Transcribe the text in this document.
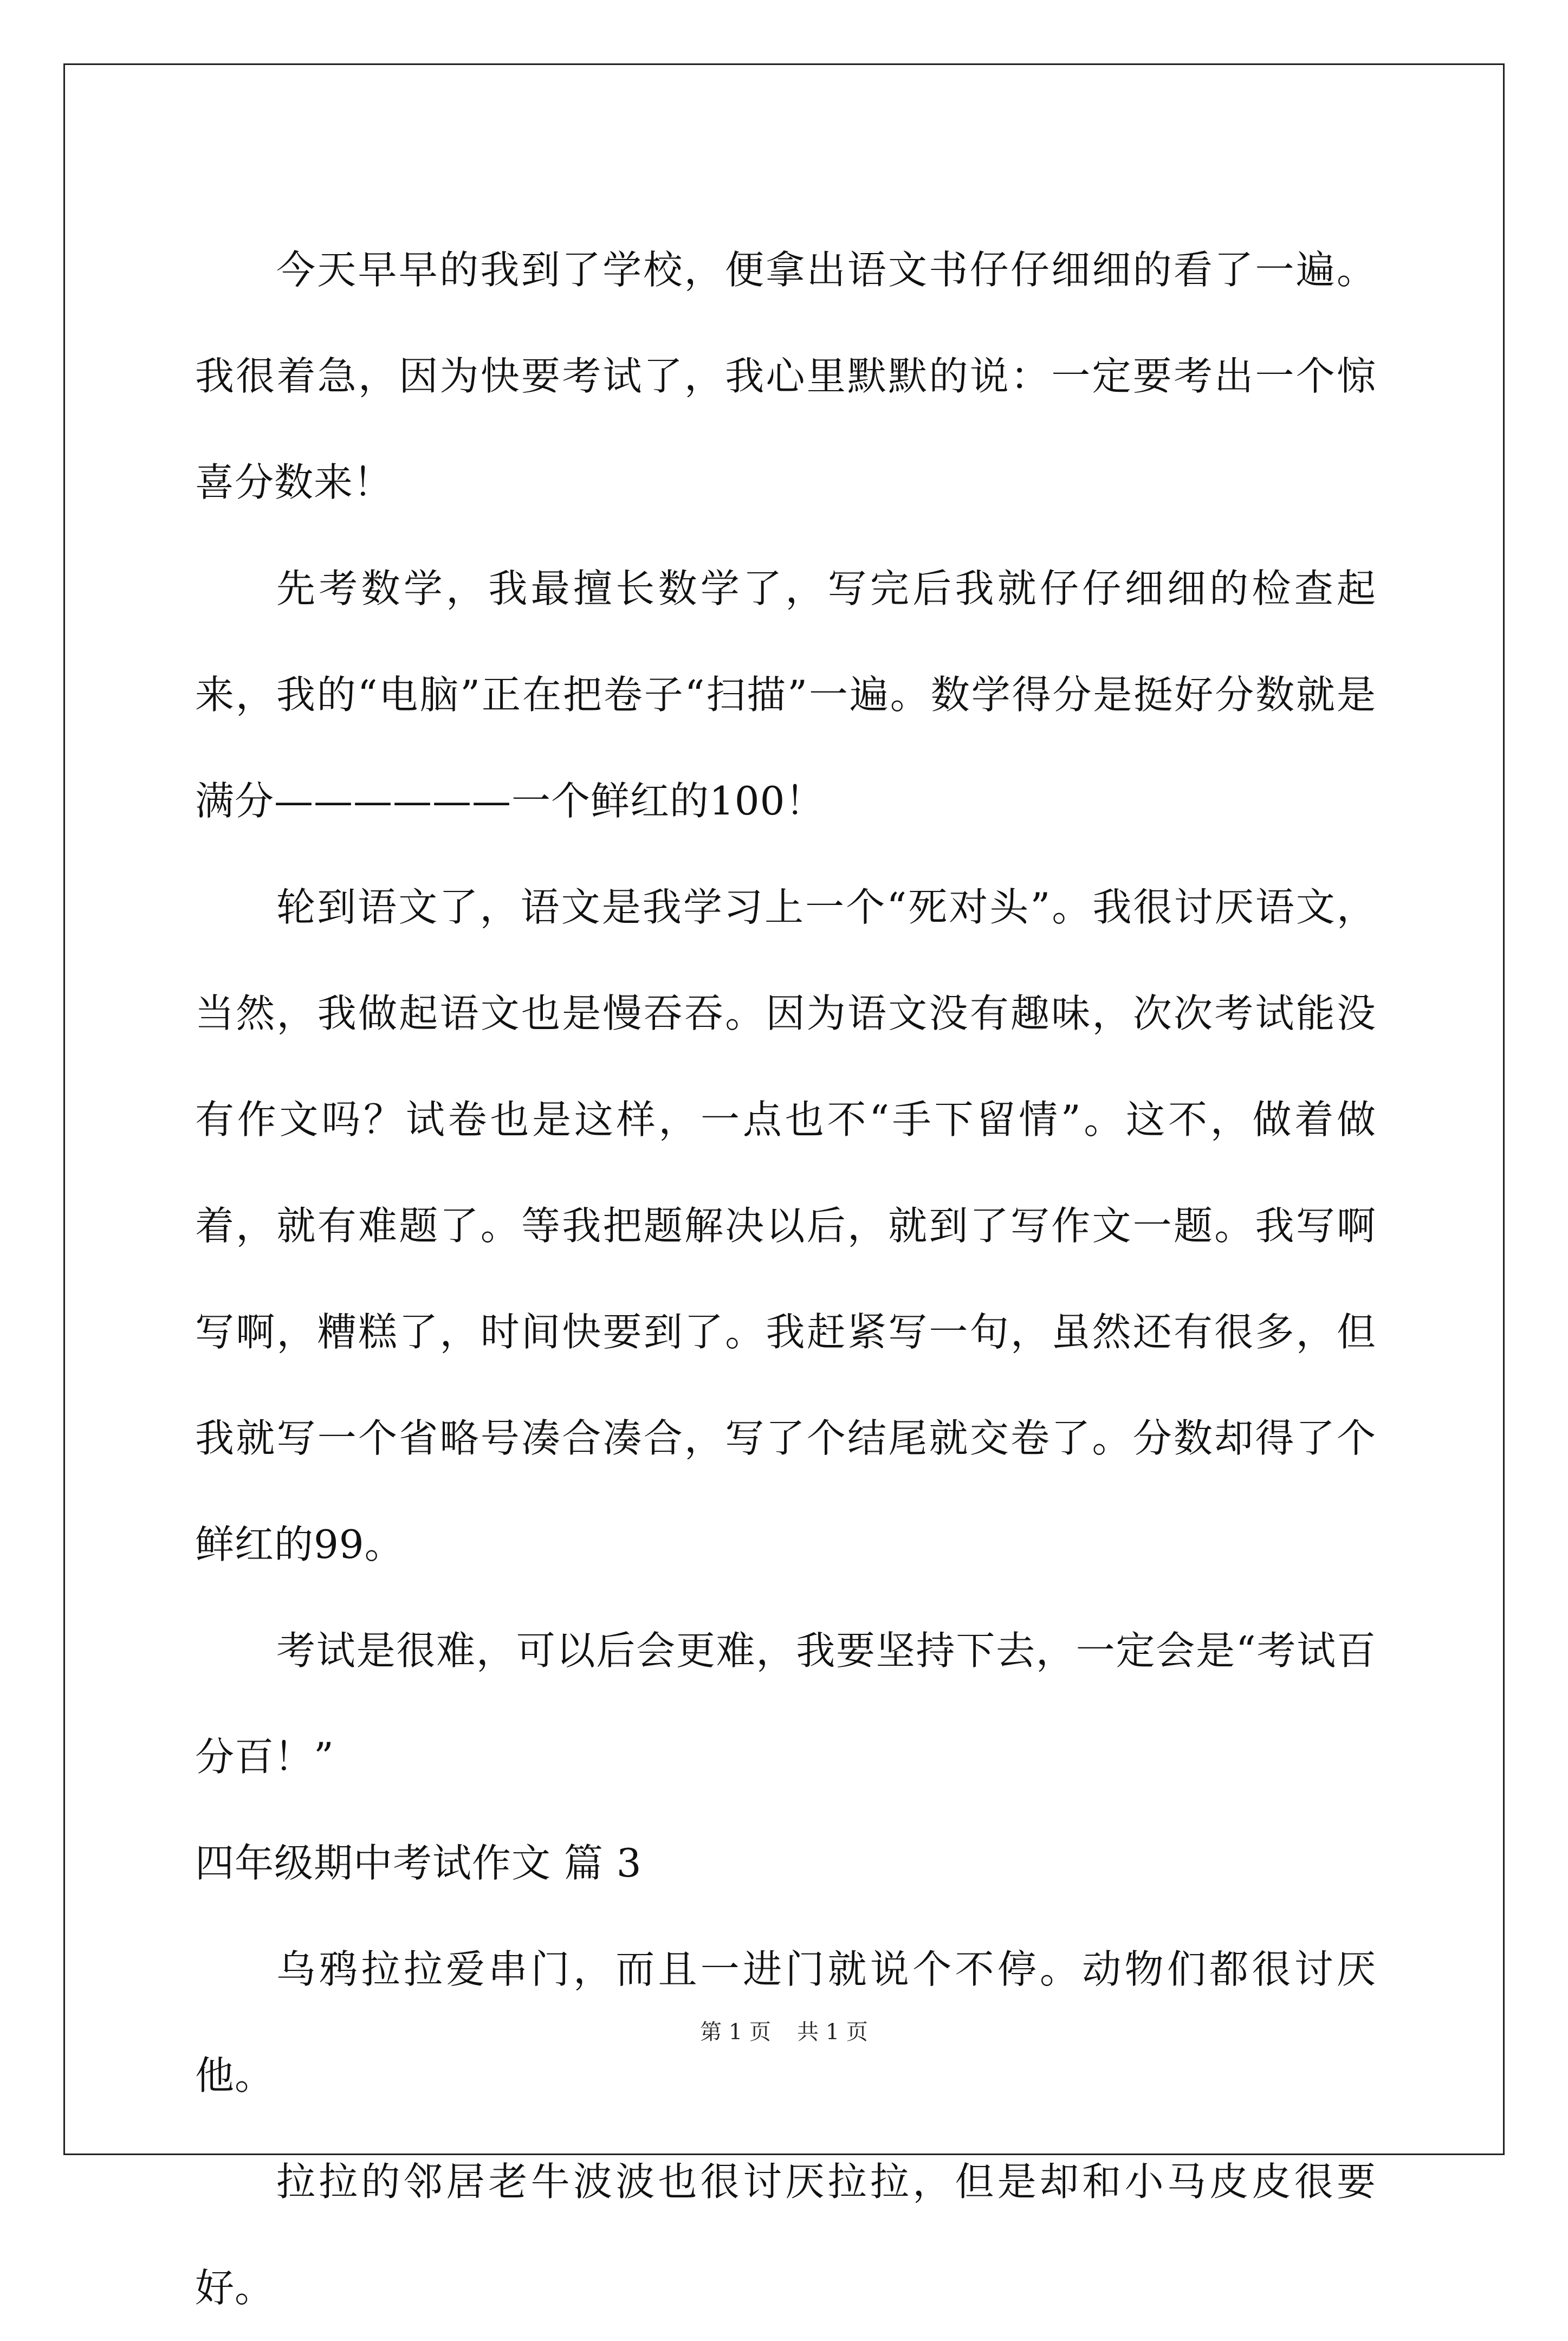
今天早早的我到了学校，便拿出语文书仔仔细细的看了一遍。我很着急，因为快要考试了，我心里默默的说：一定要考出一个惊喜分数来！

先考数学，我最擅长数学了，写完后我就仔仔细细的检查起来，我的“电脑”正在把卷子“扫描”一遍。数学得分是挺好分数就是满分——————一个鲜红的100！

轮到语文了，语文是我学习上一个“死对头”。我很讨厌语文，当然，我做起语文也是慢吞吞。因为语文没有趣味，次次考试能没有作文吗？试卷也是这样，一点也不“手下留情”。这不，做着做着，就有难题了。等我把题解决以后，就到了写作文一题。我写啊写啊，糟糕了，时间快要到了。我赶紧写一句，虽然还有很多，但我就写一个省略号凑合凑合，写了个结尾就交卷了。分数却得了个鲜红的99。

考试是很难，可以后会更难，我要坚持下去，一定会是“考试百分百！”

四年级期中考试作文 篇 3

乌鸦拉拉爱串门，而且一进门就说个不停。动物们都很讨厌他。

拉拉的邻居老牛波波也很讨厌拉拉，但是却和小马皮皮很要好。

第 1 页 共 1 页
